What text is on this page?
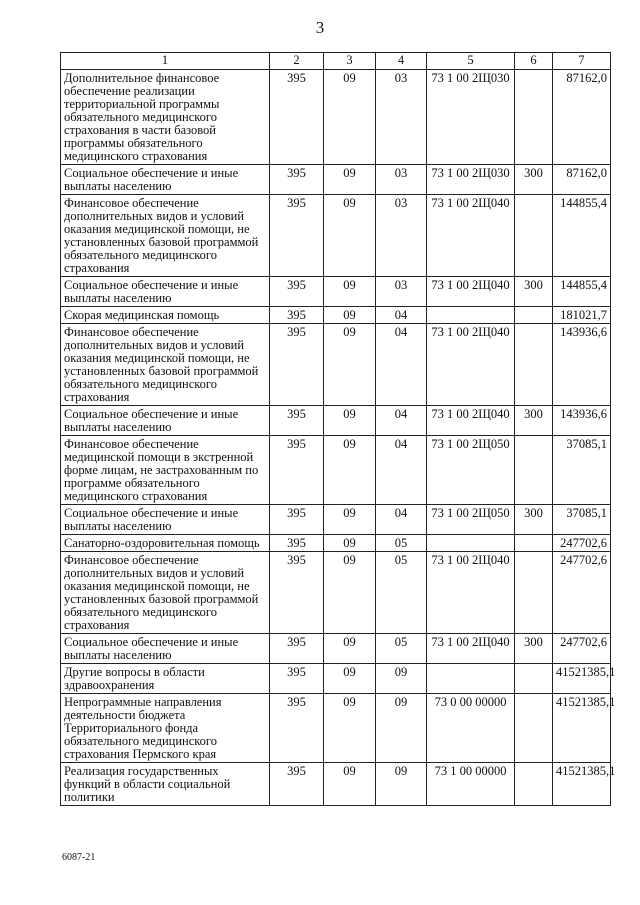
3
1	2	3	4	5	6	7
Дополнительное финансовое обеспечение реализации территориальной программы обязательного медицинского страхования в части базовой программы обязательного медицинского страхования	395	09	03	73 1 00 2Щ030		87162,0
Социальное обеспечение и иные выплаты населению	395	09	03	73 1 00 2Щ030	300	87162,0
Финансовое обеспечение дополнительных видов и условий оказания медицинской помощи, не установленных базовой программой обязательного медицинского страхования	395	09	03	73 1 00 2Щ040		144855,4
Социальное обеспечение и иные выплаты населению	395	09	03	73 1 00 2Щ040	300	144855,4
Скорая медицинская помощь	395	09	04			181021,7
Финансовое обеспечение дополнительных видов и условий оказания медицинской помощи, не установленных базовой программой обязательного медицинского страхования	395	09	04	73 1 00 2Щ040		143936,6
Социальное обеспечение и иные выплаты населению	395	09	04	73 1 00 2Щ040	300	143936,6
Финансовое обеспечение медицинской помощи в экстренной форме лицам, не застрахованным по программе обязательного медицинского страхования	395	09	04	73 1 00 2Щ050		37085,1
Социальное обеспечение и иные выплаты населению	395	09	04	73 1 00 2Щ050	300	37085,1
Санаторно-оздоровительная помощь	395	09	05			247702,6
Финансовое обеспечение дополнительных видов и условий оказания медицинской помощи, не установленных базовой программой обязательного медицинского страхования	395	09	05	73 1 00 2Щ040		247702,6
Социальное обеспечение и иные выплаты населению	395	09	05	73 1 00 2Щ040	300	247702,6
Другие вопросы в области здравоохранения	395	09	09			41521385,1
Непрограммные направления деятельности бюджета Территориального фонда обязательного медицинского страхования Пермского края	395	09	09	73 0 00 00000		41521385,1
Реализация государственных функций в области социальной политики	395	09	09	73 1 00 00000		41521385,1
6087-21
